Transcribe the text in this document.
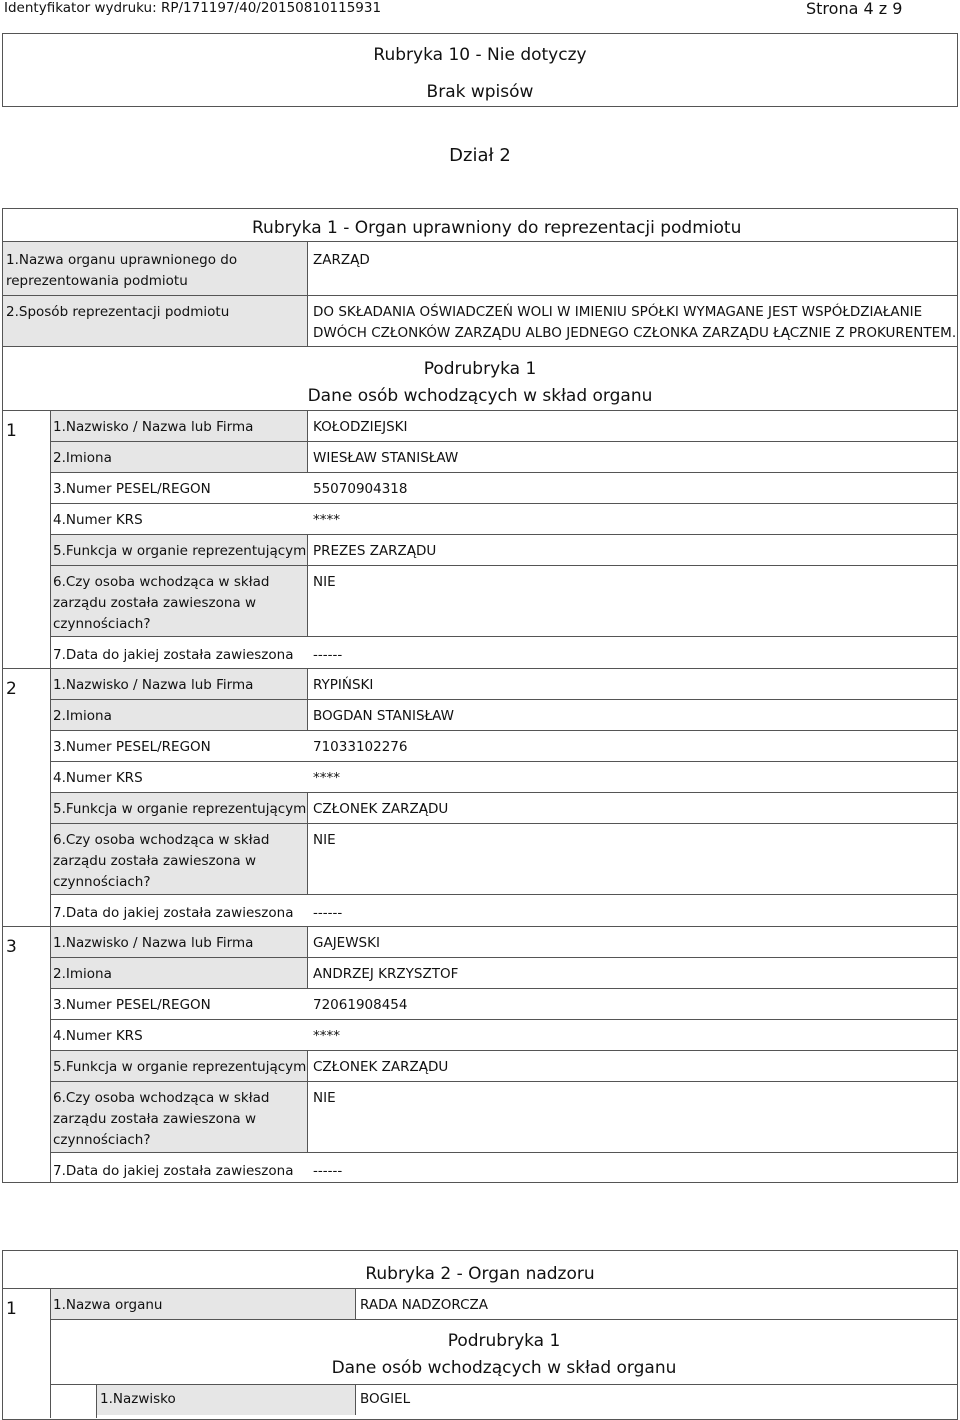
Identyfikator wydruku: RP/171197/40/20150810115931	Strona 4 z 9
Rubryka 10 - Nie dotyczy
Brak wpisów
Dział 2
Rubryka 1 - Organ uprawniony do reprezentacji podmiotu
1.Nazwa organu uprawnionego do
reprezentowania podmiotu
ZARZĄD
2.Sposób reprezentacji podmiotu	DO SKŁADANIA OŚWIADCZEŃ WOLI W IMIENIU SPÓŁKI WYMAGANE JEST WSPÓŁDZIAŁANIE
DWÓCH CZŁONKÓW ZARZĄDU ALBO JEDNEGO CZŁONKA ZARZĄDU ŁĄCZNIE Z PROKURENTEM.
Podrubryka 1
Dane osób wchodzących w skład organu
1	1.Nazwisko / Nazwa lub Firma	KOŁODZIEJSKI
2.Imiona	WIESŁAW STANISŁAW
3.Numer PESEL/REGON	55070904318
4.Numer KRS	****
5.Funkcja w organie reprezentującym PREZES ZARZĄDU
6.Czy osoba wchodząca w skład
zarządu została zawieszona w
czynnościach?
NIE
7.Data do jakiej została zawieszona ------
2	1.Nazwisko / Nazwa lub Firma	RYPIŃSKI
2.Imiona	BOGDAN STANISŁAW
3.Numer PESEL/REGON	71033102276
4.Numer KRS	****
5.Funkcja w organie reprezentującym CZŁONEK ZARZĄDU
6.Czy osoba wchodząca w skład
zarządu została zawieszona w
czynnościach?
NIE
7.Data do jakiej została zawieszona ------
3	1.Nazwisko / Nazwa lub Firma	GAJEWSKI
2.Imiona	ANDRZEJ KRZYSZTOF
3.Numer PESEL/REGON	72061908454
4.Numer KRS	****
5.Funkcja w organie reprezentującym CZŁONEK ZARZĄDU
6.Czy osoba wchodząca w skład
zarządu została zawieszona w
czynnościach?
NIE
7.Data do jakiej została zawieszona ------
Rubryka 2 - Organ nadzoru
1	1.Nazwa organu	RADA NADZORCZA
Podrubryka 1
Dane osób wchodzących w skład organu
1.Nazwisko	BOGIEL
